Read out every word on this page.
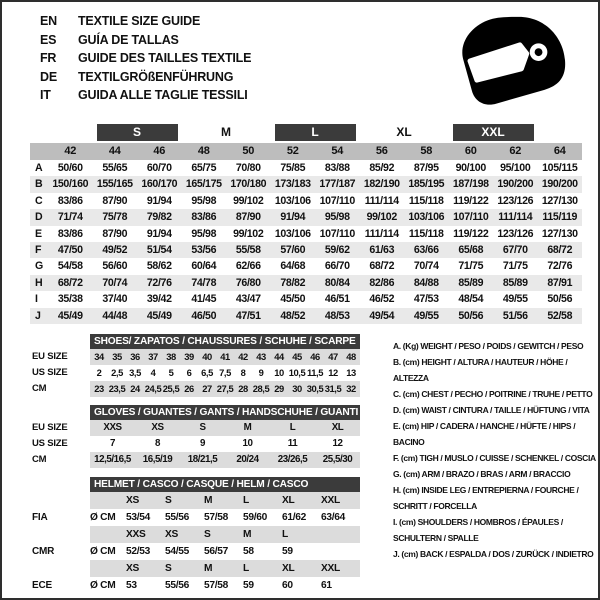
EN	TEXTILE SIZE GUIDE
ES	GUÍA DE TALLAS
FR	GUIDE DES TAILLES TEXTILE
DE	TEXTILGRÖßENFÜHRUNG
IT	GUIDA ALLE TAGLIE TESSILI
S	M	L	XL	XXL
42	44	46	48	50	52	54	56	58	60	62	64
A	50/60	55/65	60/70	65/75	70/80	75/85	83/88	85/92	87/95	90/100	95/100	105/115
B 150/160 155/165 160/170 165/175 170/180 173/183 177/187 182/190 185/195 187/198 190/200 190/200
C	83/86	87/90	91/94	95/98	99/102	103/106 107/110 111/114 115/118 119/122 123/126 127/130
D	71/74	75/78	79/82	83/86	87/90	91/94	95/98	99/102	103/106 107/110 111/114 115/119
E	83/86	87/90	91/94	95/98	99/102	103/106 107/110 111/114 115/118 119/122 123/126 127/130
F	47/50	49/52	51/54	53/56	55/58	57/60	59/62	61/63	63/66	65/68	67/70	68/72
G	54/58	56/60	58/62	60/64	62/66	64/68	66/70	68/72	70/74	71/75	71/75	72/76
H	68/72	70/74	72/76	74/78	76/80	78/82	80/84	82/86	84/88	85/89	85/89	87/91
I	35/38	37/40	39/42	41/45	43/47	45/50	46/51	46/52	47/53	48/54	49/55	50/56
J	45/49	44/48	45/49	46/50	47/51	48/52	48/53	49/54	49/55	50/56	51/56	52/58
SHOES/ ZAPATOS / CHAUSSURES / SCHUHE / SCARPE
EU SIZE	34 35 36 37 38 39 40 41 42 43 44 45 46 47 48
US SIZE	2	2,5 3,5	4	5	6	6,5 7,5	8	9	10 10,5 11,5 12 13
CM	23 23,5 24 24,5 25,5 26 27 27,5 28 28,5 29 30 30,5 31,5 32
GLOVES / GUANTES / GANTS / HANDSCHUHE / GUANTI
EU SIZE	XXS	XS	S	M	L	XL
US SIZE	7	8	9	10	11	12
CM	12,5/16,5	16,5/19	18/21,5	20/24	23/26,5	25,5/30
HELMET / CASCO / CASQUE / HELM / CASCO
XS	S	M	L	XL	XXL
FIA	Ø CM	53/54	55/56	57/58	59/60	61/62	63/64
XXS	XS	S	M	L
CMR	Ø CM	52/53	54/55	56/57	58	59
XS	S	M	L	XL	XXL
ECE	Ø CM	53	55/56	57/58	59	60	61
A. (Kg) WEIGHT / PESO / POIDS / GEWITCH / PESO
B. (cm) HEIGHT / ALTURA / HAUTEUR / HÖHE / ALTEZZA
C. (cm) CHEST / PECHO / POITRINE / TRUHE / PETTO
D. (cm) WAIST / CINTURA / TAILLE / HÜFTUNG / VITA
E. (cm) HIP / CADERA / HANCHE / HÜFTE / HIPS / BACINO
F. (cm) TIGH / MUSLO / CUISSE / SCHENKEL / COSCIA
G. (cm) ARM / BRAZO / BRAS / ARM / BRACCIO
H. (cm) INSIDE LEG / ENTREPIERNA / FOURCHE / SCHRITT / FORCELLA
I. (cm) SHOULDERS / HOMBROS / ÉPAULES / SCHULTERN / SPALLE
J. (cm) BACK / ESPALDA / DOS / ZURÜCK / INDIETRO
